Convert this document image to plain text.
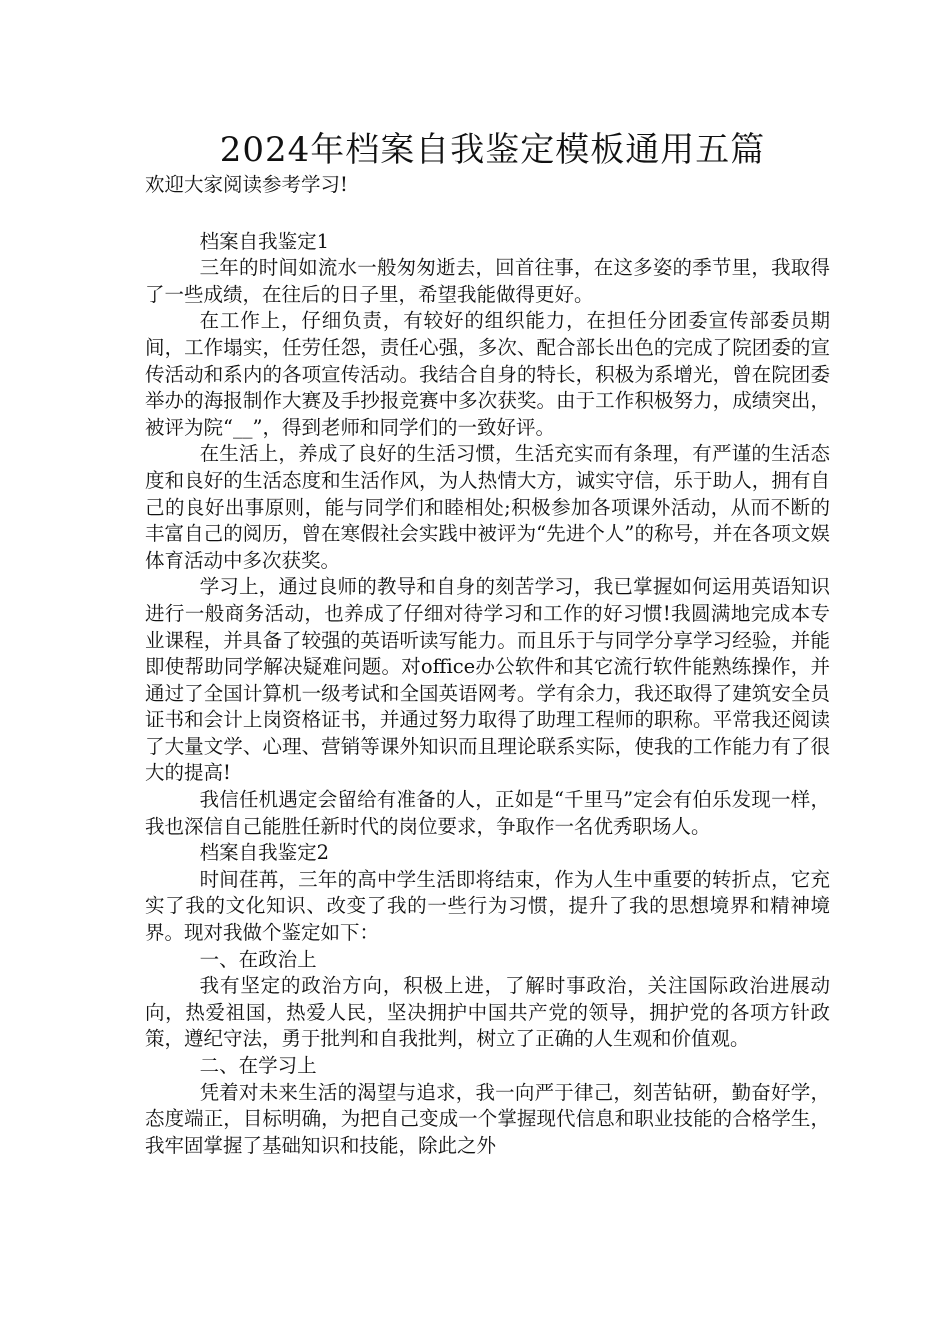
2024年档案自我鉴定模板通用五篇

欢迎大家阅读参考学习!

档案自我鉴定1

三年的时间如流水一般匆匆逝去，回首往事，在这多姿的季节里，我取得了一些成绩，在往后的日子里，希望我能做得更好。

在工作上，仔细负责，有较好的组织能力，在担任分团委宣传部委员期间，工作塌实，任劳任怨，责任心强，多次、配合部长出色的完成了院团委的宣传活动和系内的各项宣传活动。我结合自身的特长，积极为系增光，曾在院团委举办的海报制作大赛及手抄报竞赛中多次获奖。由于工作积极努力，成绩突出，被评为院“__”，得到老师和同学们的一致好评。

在生活上，养成了良好的生活习惯，生活充实而有条理，有严谨的生活态度和良好的生活态度和生活作风，为人热情大方，诚实守信，乐于助人，拥有自己的良好出事原则，能与同学们和睦相处;积极参加各项课外活动，从而不断的丰富自己的阅历，曾在寒假社会实践中被评为“先进个人”的称号，并在各项文娱体育活动中多次获奖。

学习上，通过良师的教导和自身的刻苦学习，我已掌握如何运用英语知识进行一般商务活动，也养成了仔细对待学习和工作的好习惯!我圆满地完成本专业课程，并具备了较强的英语听读写能力。而且乐于与同学分享学习经验，并能即使帮助同学解决疑难问题。对office办公软件和其它流行软件能熟练操作，并通过了全国计算机一级考试和全国英语网考。学有余力，我还取得了建筑安全员证书和会计上岗资格证书，并通过努力取得了助理工程师的职称。平常我还阅读了大量文学、心理、营销等课外知识而且理论联系实际，使我的工作能力有了很大的提高!

我信任机遇定会留给有准备的人，正如是“千里马”定会有伯乐发现一样，我也深信自己能胜任新时代的岗位要求，争取作一名优秀职场人。

档案自我鉴定2

时间荏苒，三年的高中学生活即将结束，作为人生中重要的转折点，它充实了我的文化知识、改变了我的一些行为习惯，提升了我的思想境界和精神境界。现对我做个鉴定如下：

一、在政治上

我有坚定的政治方向，积极上进，了解时事政治，关注国际政治进展动向，热爱祖国，热爱人民，坚决拥护中国共产党的领导，拥护党的各项方针政策，遵纪守法，勇于批判和自我批判，树立了正确的人生观和价值观。

二、在学习上

凭着对未来生活的渴望与追求，我一向严于律己，刻苦钻研，勤奋好学，态度端正，目标明确，为把自己变成一个掌握现代信息和职业技能的合格学生，我牢固掌握了基础知识和技能，除此之外
